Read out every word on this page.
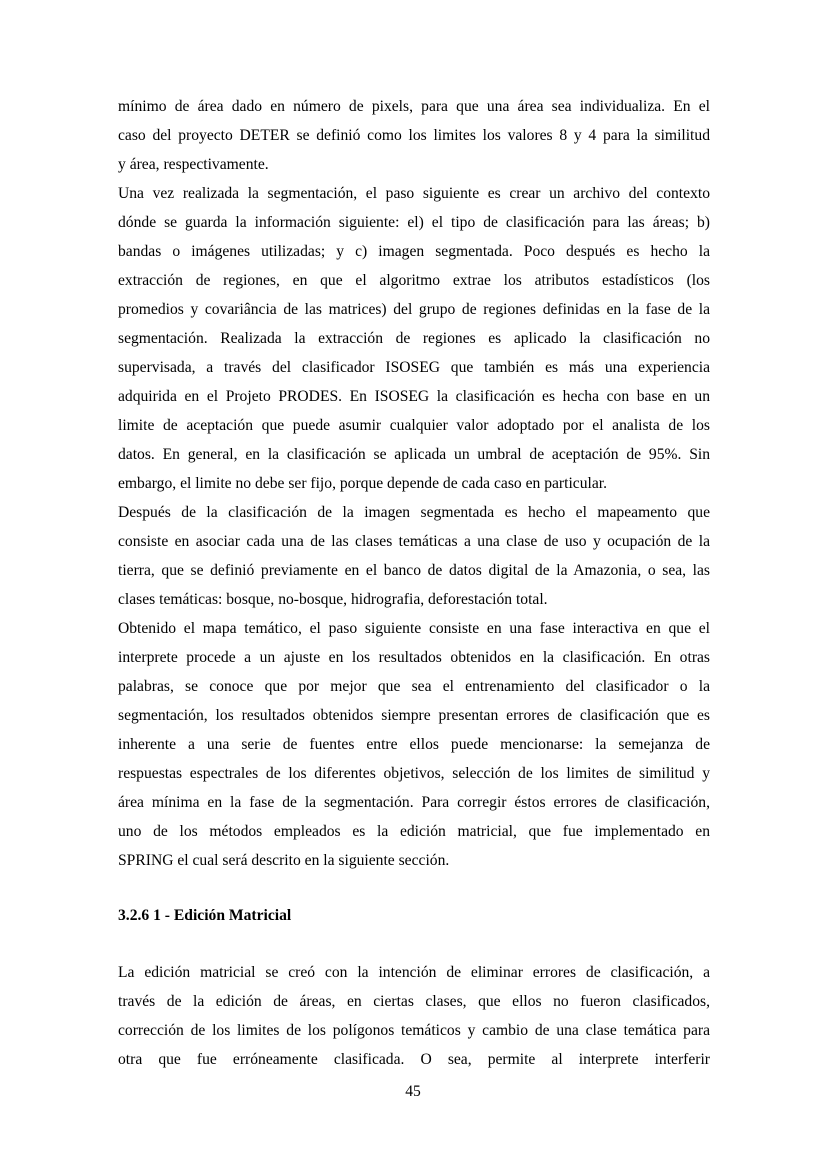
mínimo de área dado en número de pixels, para que una área sea individualiza. En el
caso del proyecto DETER se definió como los limites los valores 8 y 4 para la similitud
y área, respectivamente.
Una vez realizada la segmentación, el paso siguiente es crear un archivo del contexto
dónde se guarda la información siguiente: el) el tipo de clasificación para las áreas; b)
bandas o imágenes utilizadas; y c) imagen segmentada. Poco después es hecho la
extracción de regiones, en que el algoritmo extrae los atributos estadísticos (los
promedios y covariância de las matrices) del grupo de regiones definidas en la fase de la
segmentación. Realizada la extracción de regiones es aplicado la clasificación no
supervisada, a través del clasificador ISOSEG que también es más una experiencia
adquirida en el Projeto PRODES. En ISOSEG la clasificación es hecha con base en un
limite de aceptación que puede asumir cualquier valor adoptado por el analista de los
datos. En general, en la clasificación se aplicada un umbral de aceptación de 95%. Sin
embargo, el limite no debe ser fijo, porque depende de cada caso en particular.
Después de la clasificación de la imagen segmentada es hecho el mapeamento que
consiste en asociar cada una de las clases temáticas a una clase de uso y ocupación de la
tierra, que se definió previamente en el banco de datos digital de la Amazonia, o sea, las
clases temáticas: bosque, no-bosque, hidrografia, deforestación total.
Obtenido el mapa temático, el paso siguiente consiste en una fase interactiva en que el
interprete procede a un ajuste en los resultados obtenidos en la clasificación. En otras
palabras, se conoce que por mejor que sea el entrenamiento del clasificador o la
segmentación, los resultados obtenidos siempre presentan errores de clasificación que es
inherente a una serie de fuentes entre ellos puede mencionarse: la semejanza de
respuestas espectrales de los diferentes objetivos, selección de los limites de similitud y
área mínima en la fase de la segmentación. Para corregir éstos errores de clasificación,
uno de los métodos empleados es la edición matricial, que fue implementado en
SPRING el cual será descrito en la siguiente sección.
3.2.6 1 - Edición Matricial
La edición matricial se creó con la intención de eliminar errores de clasificación, a
través de la edición de áreas, en ciertas clases, que ellos no fueron clasificados,
corrección de los limites de los polígonos temáticos y cambio de una clase temática para
otra que fue erróneamente clasificada. O sea, permite al interprete interferir
45
